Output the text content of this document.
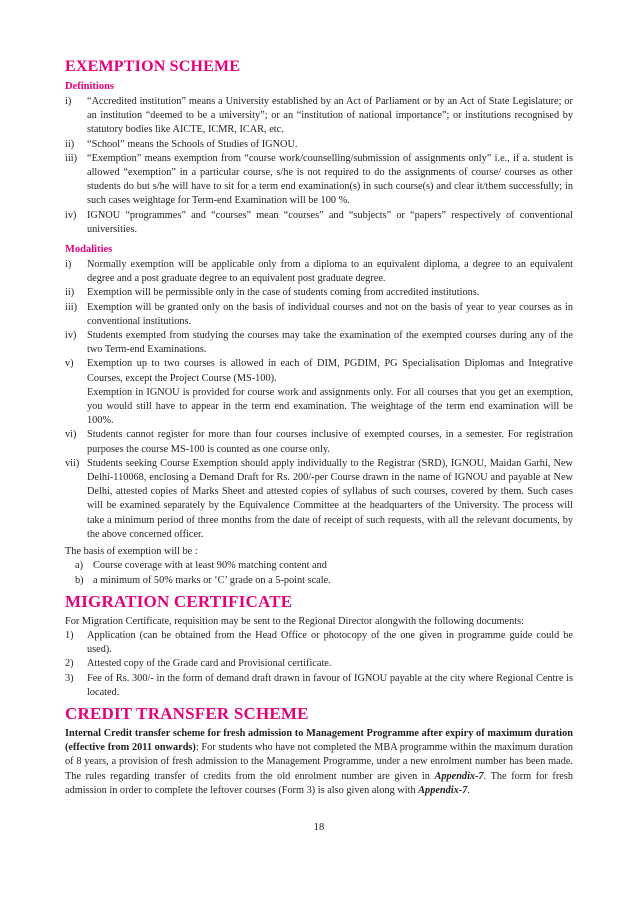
EXEMPTION SCHEME
Definitions
i)	“Accredited institution” means a University established by an Act of Parliament or by an Act of State Legislature; or an institution “deemed to be a university”; or an “institution of national importance”; or institutions recognised by statutory bodies like AICTE, ICMR, ICAR, etc.
ii)	“School” means the Schools of Studies of IGNOU.
iii) “Exemption” means exemption from “course work/counselling/submission of assignments only” i.e., if a. student is allowed “exemption” in a particular course, s/he is not required to do the assignments of course/ courses as other students do but s/he will have to sit for a term end examination(s) in such course(s) and clear it/them successfully; in such cases weightage for Term-end Examination will be 100 %.
iv)	IGNOU “programmes” and “courses” mean “courses” and “subjects” or “papers” respectively of conventional universities.
Modalities
i)	Normally exemption will be applicable only from a diploma to an equivalent diploma, a degree to an equivalent degree and a post graduate degree to an equivalent post graduate degree.
ii)	Exemption will be permissible only in the case of students coming from accredited institutions.
iii) Exemption will be granted only on the basis of individual courses and not on the basis of year to year courses as in conventional institutions.
iv)	Students exempted from studying the courses may take the examination of the exempted courses during any of the two Term-end Examinations.
v)	Exemption up to two courses is allowed in each of DIM, PGDIM, PG Specialisation Diplomas and Integrative Courses, except the Project Course (MS-100).
Exemption in IGNOU is provided for course work and assignments only. For all courses that you get an exemption, you would still have to appear in the term end examination. The weightage of the term end examination will be 100%.
vi)	Students cannot register for more than four courses inclusive of exempted courses, in a semester. For registration purposes the course MS-100 is counted as one course only.
vii) Students seeking Course Exemption should apply individually to the Registrar (SRD), IGNOU, Maidan Garhi, New Delhi-110068, enclosing a Demand Draft for Rs. 200/-per Course drawn in the name of IGNOU and payable at New Delhi, attested copies of Marks Sheet and attested copies of syllabus of such courses, covered by them. Such cases will be examined separately by the Equivalence Committee at the headquarters of the University. The process will take a minimum period of three months from the date of receipt of such requests, with all the relevant documents, by the above concerned officer.
The basis of exemption will be :
a) Course coverage with at least 90% matching content and
b) a minimum of 50% marks or ‘C’ grade on a 5-point scale.
MIGRATION CERTIFICATE
For Migration Certificate, requisition may be sent to the Regional Director alongwith the following documents:
1)	Application (can be obtained from the Head Office or photocopy of the one given in programme guide could be used).
2)	Attested copy of the Grade card and Provisional certificate.
3)	Fee of Rs. 300/- in the form of demand draft drawn in favour of IGNOU payable at the city where Regional Centre is located.
CREDIT TRANSFER SCHEME
Internal Credit transfer scheme for fresh admission to Management Programme after expiry of maximum duration (effective from 2011 onwards): For students who have not completed the MBA programme within the maximum duration of 8 years, a provision of fresh admission to the Management Programme, under a new enrolment number has been made. The rules regarding transfer of credits from the old enrolment number are given in Appendix-7. The form for fresh admission in order to complete the leftover courses (Form 3) is also given along with Appendix-7.
18
